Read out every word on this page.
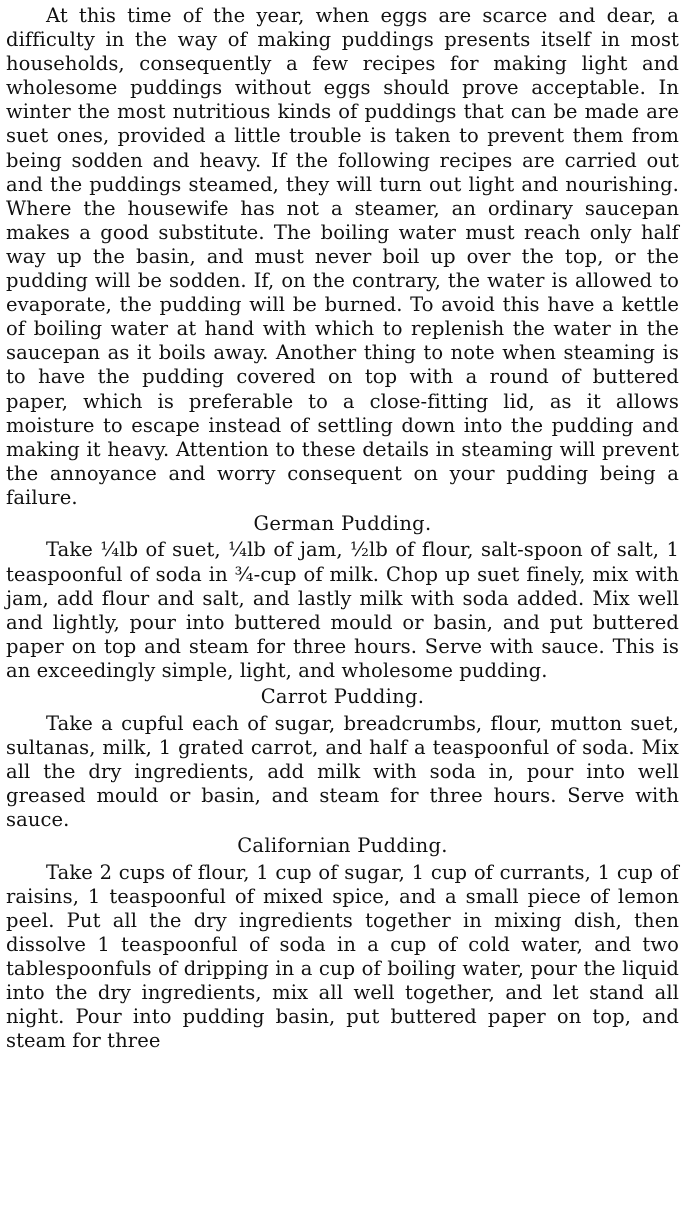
At this time of the year, when eggs are scarce and dear, a difficulty in the way of making puddings presents itself in most households, consequently a few recipes for making light and wholesome puddings without eggs should prove acceptable. In winter the most nutritious kinds of puddings that can be made are suet ones, provided a little trouble is taken to prevent them from being sodden and heavy. If the following recipes are carried out and the puddings steamed, they will turn out light and nourishing. Where the housewife has not a steamer, an ordinary saucepan makes a good substitute. The boiling water must reach only half way up the basin, and must never boil up over the top, or the pudding will be sodden. If, on the contrary, the water is allowed to evaporate, the pudding will be burned. To avoid this have a kettle of boiling water at hand with which to replenish the water in the saucepan as it boils away. Another thing to note when steaming is to have the pudding covered on top with a round of buttered paper, which is preferable to a close-fitting lid, as it allows moisture to escape instead of settling down into the pudding and making it heavy. Attention to these details in steaming will prevent the annoyance and worry consequent on your pudding being a failure.

German Pudding.

Take ¼lb of suet, ¼lb of jam, ½lb of flour, salt-spoon of salt, 1 teaspoonful of soda in ¾-cup of milk. Chop up suet finely, mix with jam, add flour and salt, and lastly milk with soda added. Mix well and lightly, pour into buttered mould or basin, and put buttered paper on top and steam for three hours. Serve with sauce. This is an exceedingly simple, light, and wholesome pudding.

Carrot Pudding.

Take a cupful each of sugar, breadcrumbs, flour, mutton suet, sultanas, milk, 1 grated carrot, and half a teaspoonful of soda. Mix all the dry ingredients, add milk with soda in, pour into well greased mould or basin, and steam for three hours. Serve with sauce.

Californian Pudding.

Take 2 cups of flour, 1 cup of sugar, 1 cup of currants, 1 cup of raisins, 1 teaspoonful of mixed spice, and a small piece of lemon peel. Put all the dry ingredients together in mixing dish, then dissolve 1 teaspoonful of soda in a cup of cold water, and two tablespoonfuls of dripping in a cup of boiling water, pour the liquid into the dry ingredients, mix all well together, and let stand all night. Pour into pudding basin, put buttered paper on top, and steam for three
